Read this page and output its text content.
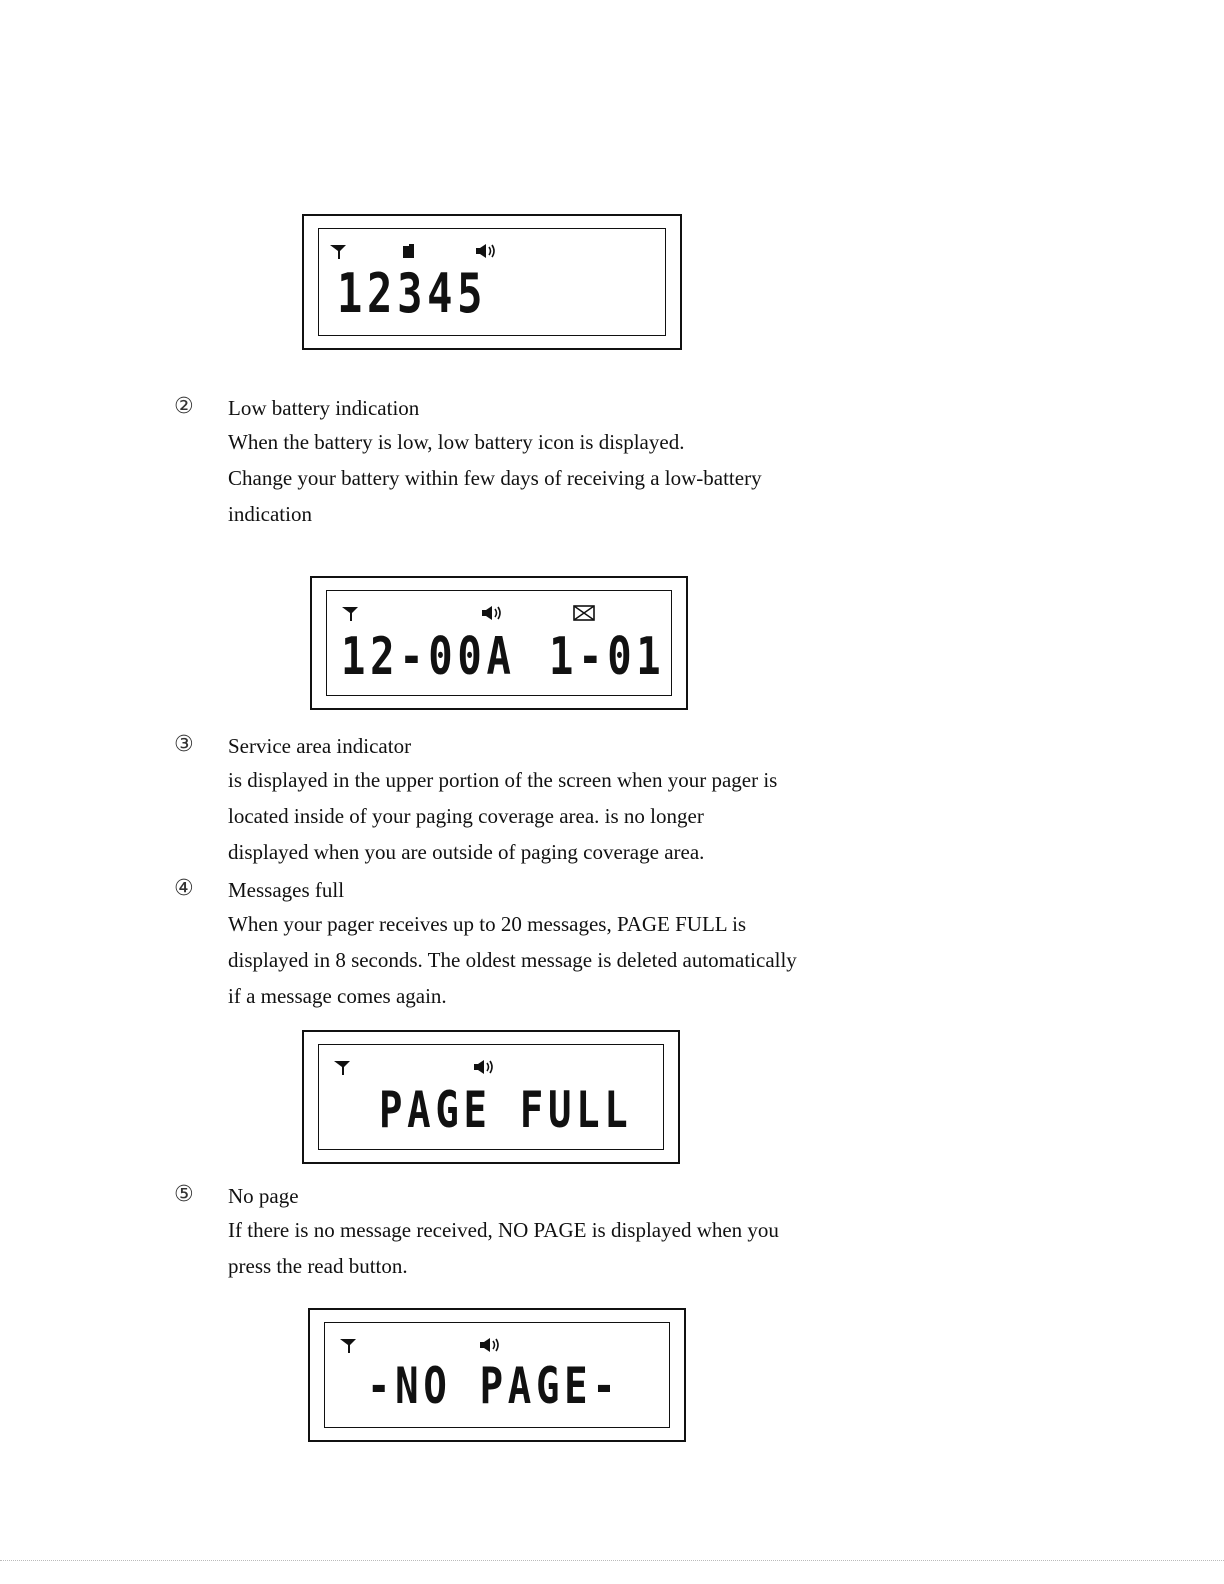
12345
② Low battery indication
When the battery is low, low battery icon is displayed.
Change your battery within few days of receiving a low-battery
indication
12-00A 1-01
③ Service area indicator
is displayed in the upper portion of the screen when your pager is
located inside of your paging coverage area. is no longer
displayed when you are outside of paging coverage area.
④ Messages full
When your pager receives up to 20 messages, PAGE FULL is
displayed in 8 seconds. The oldest message is deleted automatically
if a message comes again.
PAGE FULL
⑤ No page
If there is no message received, NO PAGE is displayed when you
press the read button.
-NO PAGE-
